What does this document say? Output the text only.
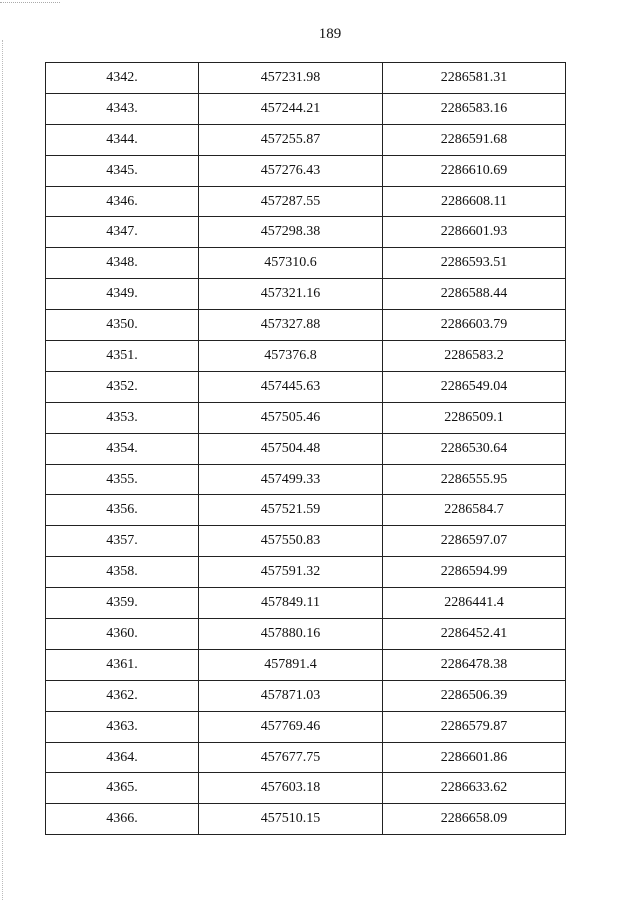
189
4342.	457231.98	2286581.31
4343.	457244.21	2286583.16
4344.	457255.87	2286591.68
4345.	457276.43	2286610.69
4346.	457287.55	2286608.11
4347.	457298.38	2286601.93
4348.	457310.6	2286593.51
4349.	457321.16	2286588.44
4350.	457327.88	2286603.79
4351.	457376.8	2286583.2
4352.	457445.63	2286549.04
4353.	457505.46	2286509.1
4354.	457504.48	2286530.64
4355.	457499.33	2286555.95
4356.	457521.59	2286584.7
4357.	457550.83	2286597.07
4358.	457591.32	2286594.99
4359.	457849.11	2286441.4
4360.	457880.16	2286452.41
4361.	457891.4	2286478.38
4362.	457871.03	2286506.39
4363.	457769.46	2286579.87
4364.	457677.75	2286601.86
4365.	457603.18	2286633.62
4366.	457510.15	2286658.09
